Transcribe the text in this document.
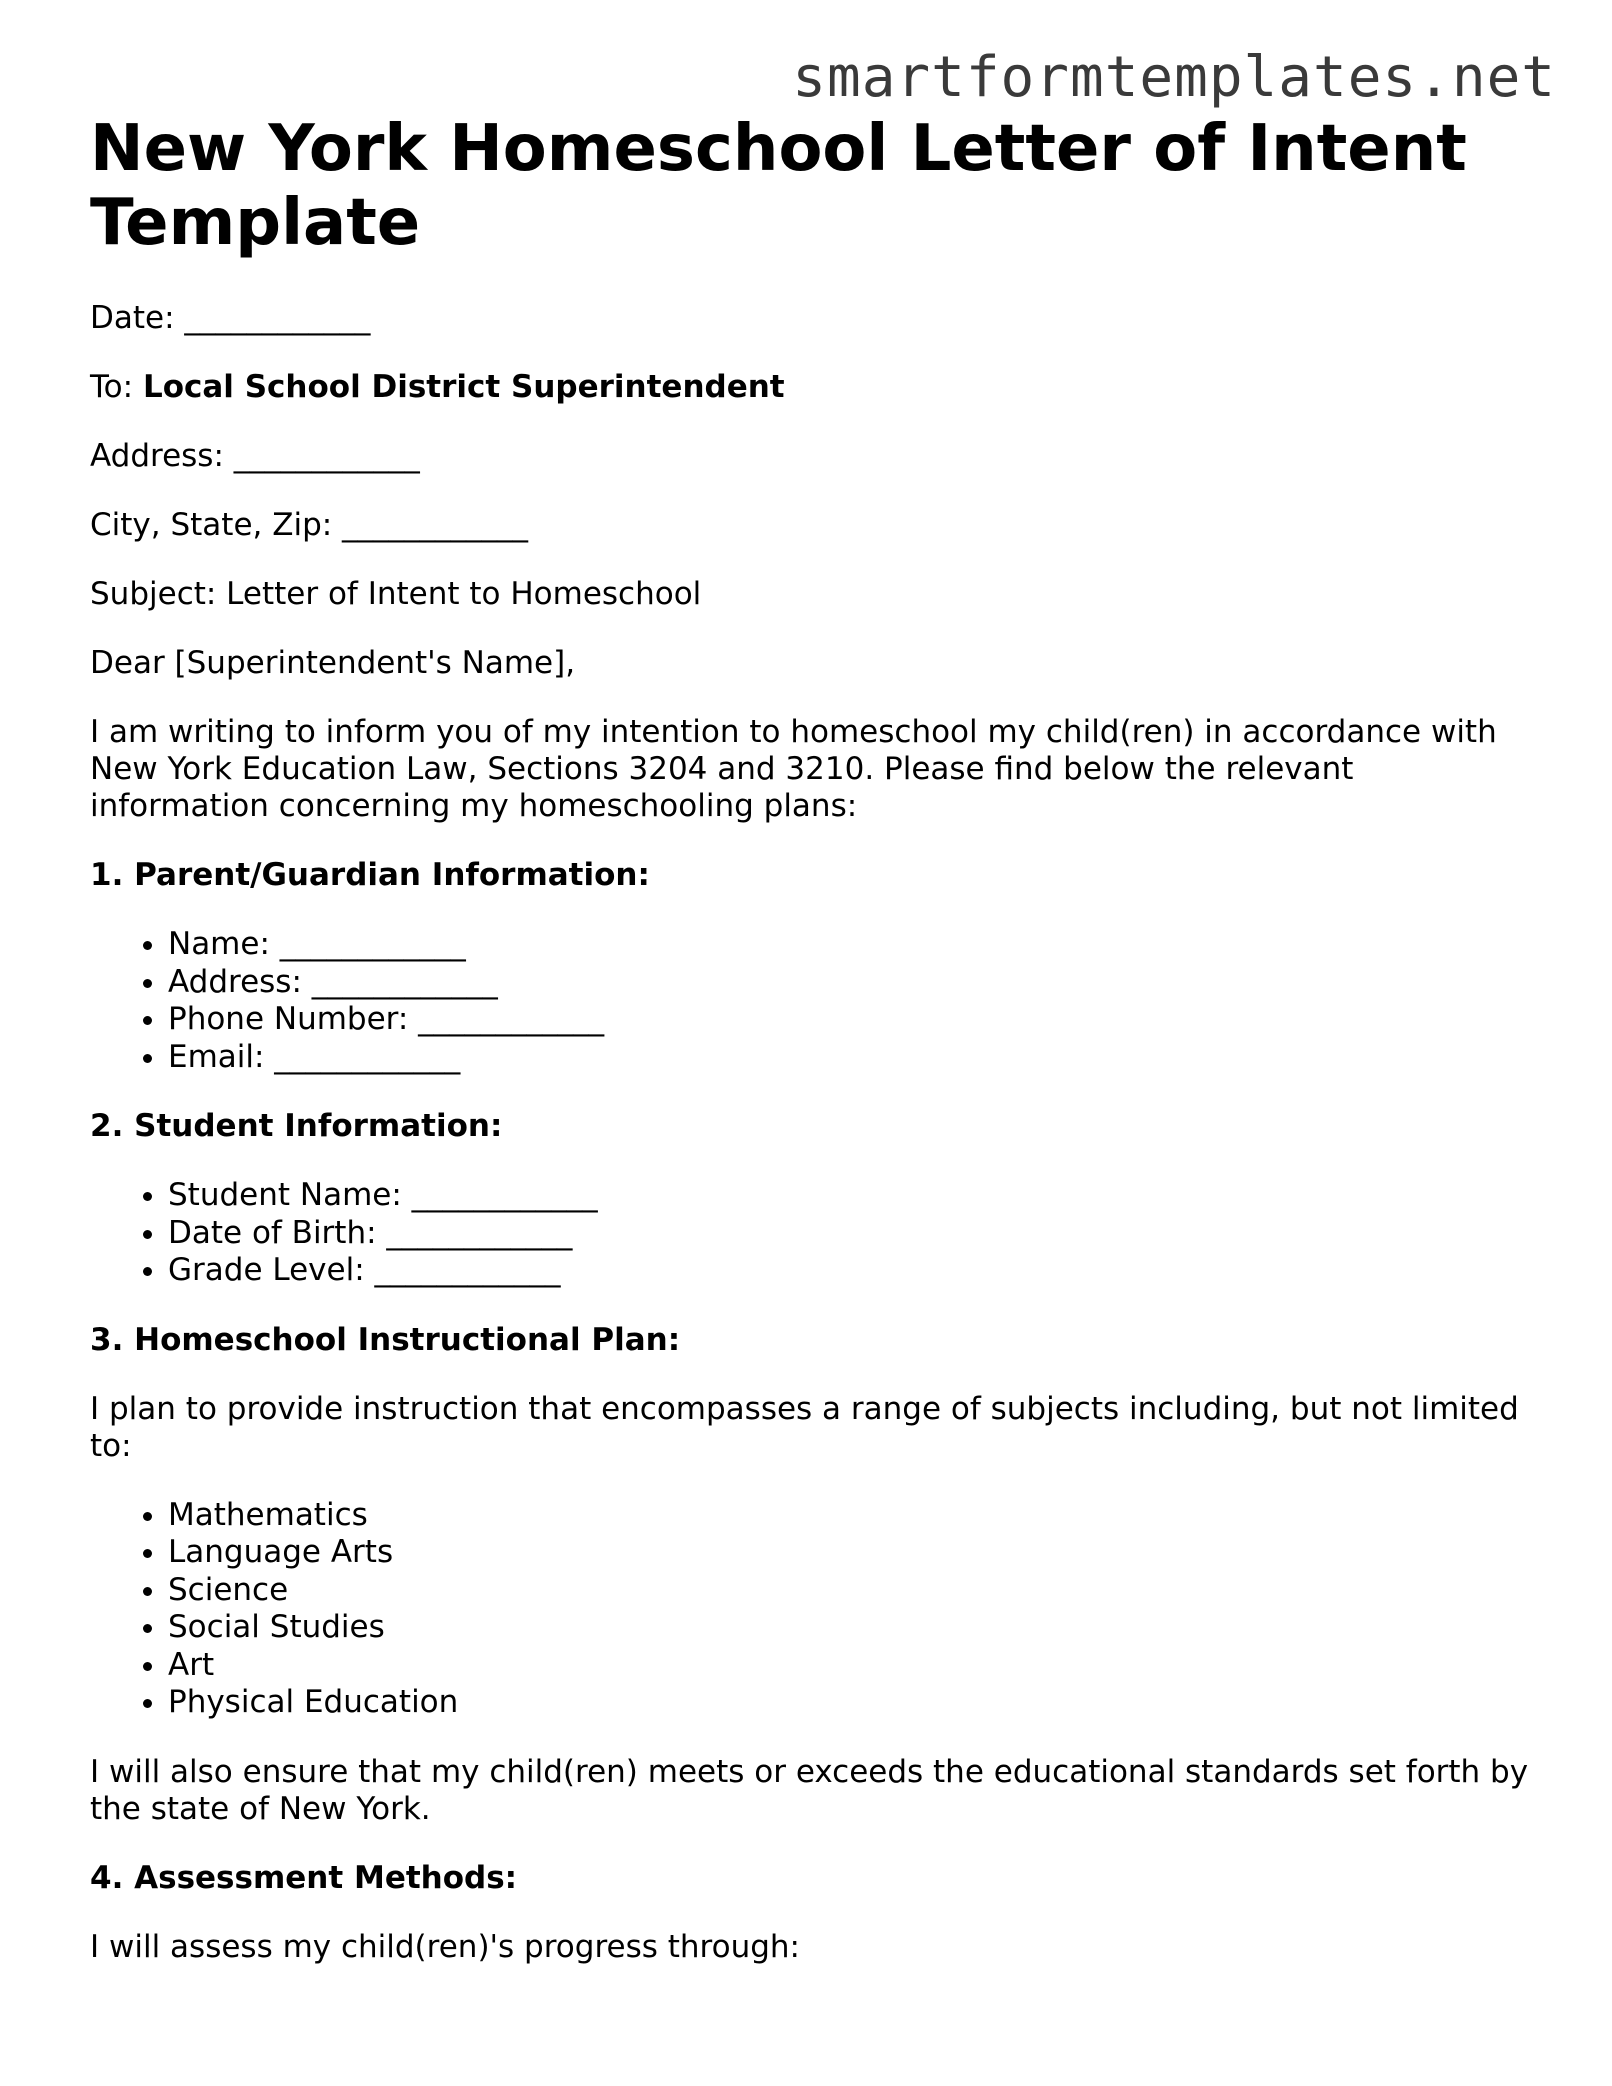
smartformtemplates.net
New York Homeschool Letter of Intent Template

Date: ____________

To: Local School District Superintendent

Address: ____________

City, State, Zip: ____________

Subject: Letter of Intent to Homeschool

Dear [Superintendent's Name],

I am writing to inform you of my intention to homeschool my child(ren) in accordance with New York Education Law, Sections 3204 and 3210. Please find below the relevant information concerning my homeschooling plans:

1. Parent/Guardian Information:

• Name: ____________
• Address: ____________
• Phone Number: ____________
• Email: ____________

2. Student Information:

• Student Name: ____________
• Date of Birth: ____________
• Grade Level: ____________

3. Homeschool Instructional Plan:

I plan to provide instruction that encompasses a range of subjects including, but not limited to:

• Mathematics
• Language Arts
• Science
• Social Studies
• Art
• Physical Education

I will also ensure that my child(ren) meets or exceeds the educational standards set forth by the state of New York.

4. Assessment Methods:

I will assess my child(ren)'s progress through:
